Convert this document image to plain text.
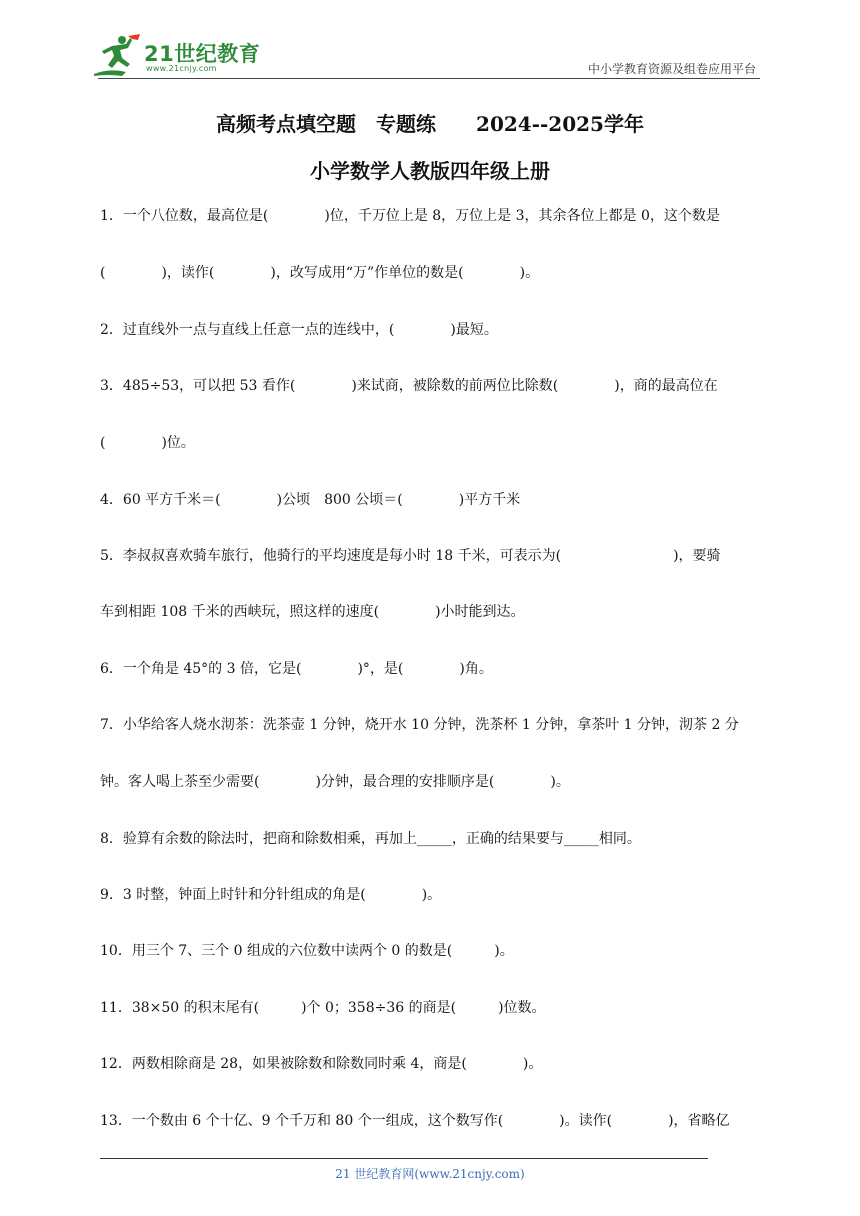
21世纪教育
www.21cnjy.com	中小学教育资源及组卷应用平台
高频考点填空题　专题练　　2024--2025学年
小学数学人教版四年级上册
1．一个八位数，最高位是(　　　　)位，千万位上是 8，万位上是 3，其余各位上都是 0，这个数是
(　　　　)，读作(　　　　)，改写成用“万”作单位的数是(　　　　)。
2．过直线外一点与直线上任意一点的连线中，(　　　　)最短。
3．485÷53，可以把 53 看作(　　　　)来试商，被除数的前两位比除数(　　　　)，商的最高位在
(　　　　)位。
4．60 平方千米＝(　　　　)公顷　800 公顷＝(　　　　)平方千米
5．李叔叔喜欢骑车旅行，他骑行的平均速度是每小时 18 千米，可表示为(　　　　　　　　)，要骑
车到相距 108 千米的西峡玩，照这样的速度(　　　　)小时能到达。
6．一个角是 45°的 3 倍，它是(　　　　)°，是(　　　　)角。
7．小华给客人烧水沏茶：洗茶壶 1 分钟，烧开水 10 分钟，洗茶杯 1 分钟，拿茶叶 1 分钟，沏茶 2 分
钟。客人喝上茶至少需要(　　　　)分钟，最合理的安排顺序是(　　　　)。
8．验算有余数的除法时，把商和除数相乘，再加上_____，正确的结果要与_____相同。
9．3 时整，钟面上时针和分针组成的角是(　　　　)。
10．用三个 7、三个 0 组成的六位数中读两个 0 的数是(　　　)。
11．38×50 的积末尾有(　　　)个 0；358÷36 的商是(　　　)位数。
12．两数相除商是 28，如果被除数和除数同时乘 4，商是(　　　　)。
13．一个数由 6 个十亿、9 个千万和 80 个一组成，这个数写作(　　　　)。读作(　　　　)，省略亿
21 世纪教育网(www.21cnjy.com)
